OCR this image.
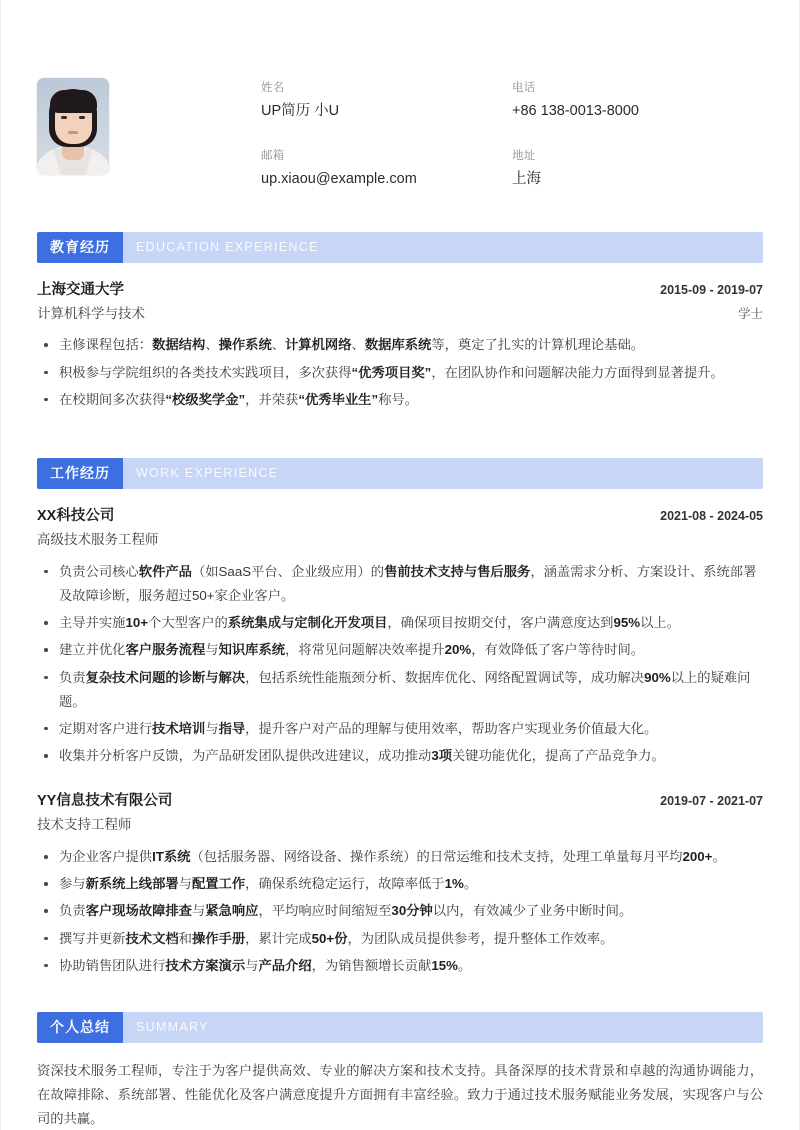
姓名
UP简历 小U
电话
+86 138-0013-8000
邮箱
up.xiaou@example.com
地址
上海
教育经历	EDUCATION EXPERIENCE
上海交通大学	2015-09 - 2019-07
计算机科学与技术	学士
主修课程包括：数据结构、操作系统、计算机网络、数据库系统等，奠定了扎实的计算机理论基础。
积极参与学院组织的各类技术实践项目，多次获得“优秀项目奖”，在团队协作和问题解决能力方面得到显著提升。
在校期间多次获得“校级奖学金”，并荣获“优秀毕业生”称号。
工作经历	WORK EXPERIENCE
XX科技公司	2021-08 - 2024-05
高级技术服务工程师
负责公司核心软件产品（如SaaS平台、企业级应用）的售前技术支持与售后服务，涵盖需求分析、方案设计、系统部署及故障诊断，服务超过50+家企业客户。
主导并实施10+个大型客户的系统集成与定制化开发项目，确保项目按期交付，客户满意度达到95%以上。
建立并优化客户服务流程与知识库系统，将常见问题解决效率提升20%，有效降低了客户等待时间。
负责复杂技术问题的诊断与解决，包括系统性能瓶颈分析、数据库优化、网络配置调试等，成功解决90%以上的疑难问题。
定期对客户进行技术培训与指导，提升客户对产品的理解与使用效率，帮助客户实现业务价值最大化。
收集并分析客户反馈，为产品研发团队提供改进建议，成功推动3项关键功能优化，提高了产品竞争力。
YY信息技术有限公司	2019-07 - 2021-07
技术支持工程师
为企业客户提供IT系统（包括服务器、网络设备、操作系统）的日常运维和技术支持，处理工单量每月平均200+。
参与新系统上线部署与配置工作，确保系统稳定运行，故障率低于1%。
负责客户现场故障排查与紧急响应，平均响应时间缩短至30分钟以内，有效减少了业务中断时间。
撰写并更新技术文档和操作手册，累计完成50+份，为团队成员提供参考，提升整体工作效率。
协助销售团队进行技术方案演示与产品介绍，为销售额增长贡献15%。
个人总结	SUMMARY
资深技术服务工程师，专注于为客户提供高效、专业的解决方案和技术支持。具备深厚的技术背景和卓越的沟通协调能力，在故障排除、系统部署、性能优化及客户满意度提升方面拥有丰富经验。致力于通过技术服务赋能业务发展，实现客户与公司的共赢。
